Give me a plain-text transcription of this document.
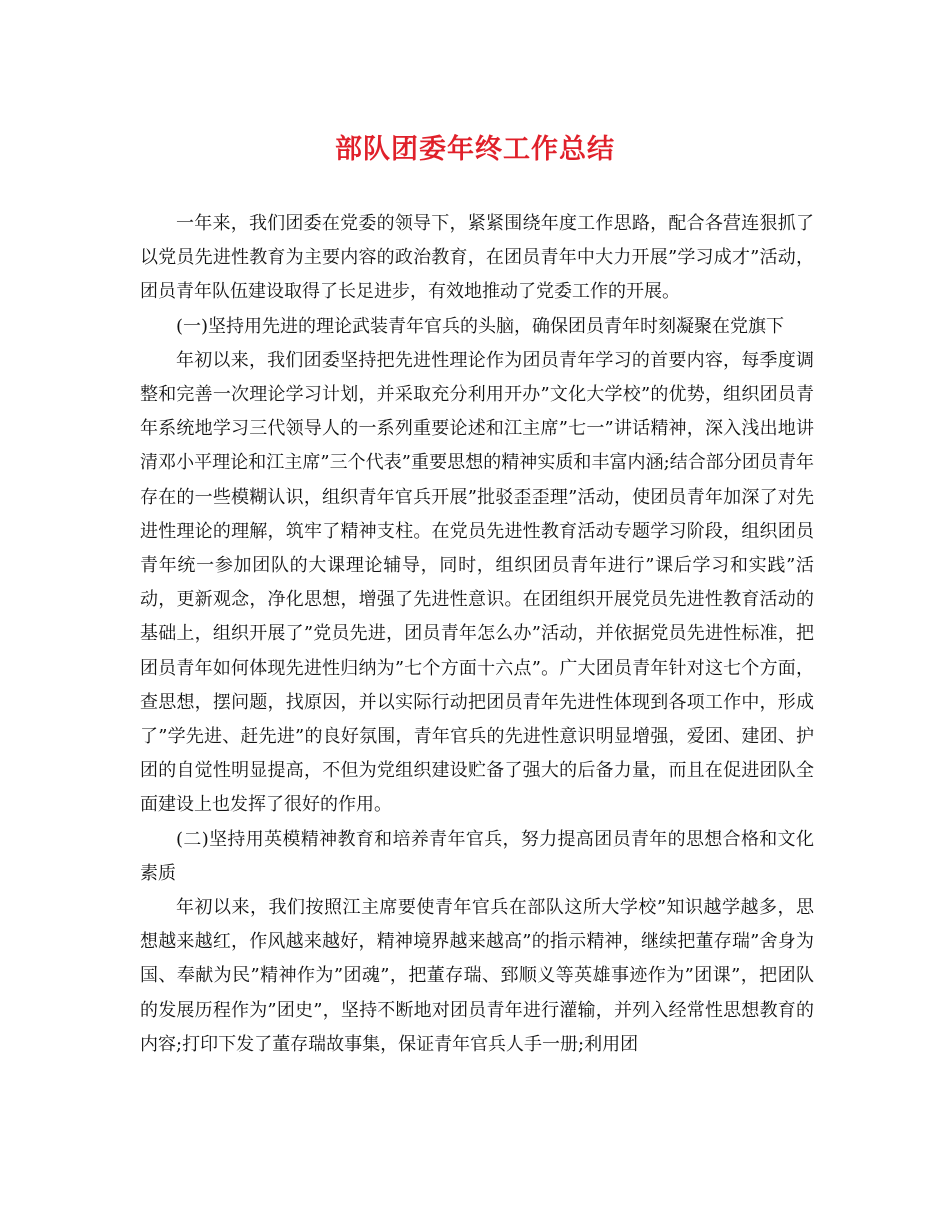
部队团委年终工作总结

一年来，我们团委在党委的领导下，紧紧围绕年度工作思路，配合各营连狠抓了以党员先进性教育为主要内容的政治教育，在团员青年中大力开展”学习成才”活动，团员青年队伍建设取得了长足进步，有效地推动了党委工作的开展。

(一)坚持用先进的理论武装青年官兵的头脑，确保团员青年时刻凝聚在党旗下

年初以来，我们团委坚持把先进性理论作为团员青年学习的首要内容，每季度调整和完善一次理论学习计划，并采取充分利用开办”文化大学校”的优势，组织团员青年系统地学习三代领导人的一系列重要论述和江主席”七一”讲话精神，深入浅出地讲清邓小平理论和江主席”三个代表”重要思想的精神实质和丰富内涵;结合部分团员青年存在的一些模糊认识，组织青年官兵开展”批驳歪歪理”活动，使团员青年加深了对先进性理论的理解，筑牢了精神支柱。在党员先进性教育活动专题学习阶段，组织团员青年统一参加团队的大课理论辅导，同时，组织团员青年进行”课后学习和实践”活动，更新观念，净化思想，增强了先进性意识。在团组织开展党员先进性教育活动的基础上，组织开展了”党员先进，团员青年怎么办”活动，并依据党员先进性标准，把团员青年如何体现先进性归纳为”七个方面十六点”。广大团员青年针对这七个方面，查思想，摆问题，找原因，并以实际行动把团员青年先进性体现到各项工作中，形成了”学先进、赶先进”的良好氛围，青年官兵的先进性意识明显增强，爱团、建团、护团的自觉性明显提高，不但为党组织建设贮备了强大的后备力量，而且在促进团队全面建设上也发挥了很好的作用。

(二)坚持用英模精神教育和培养青年官兵，努力提高团员青年的思想合格和文化素质

年初以来，我们按照江主席要使青年官兵在部队这所大学校”知识越学越多，思想越来越红，作风越来越好，精神境界越来越高”的指示精神，继续把董存瑞”舍身为国、奉献为民”精神作为”团魂”，把董存瑞、郅顺义等英雄事迹作为”团课”，把团队的发展历程作为”团史”，坚持不断地对团员青年进行灌输，并列入经常性思想教育的内容;打印下发了董存瑞故事集，保证青年官兵人手一册;利用团
